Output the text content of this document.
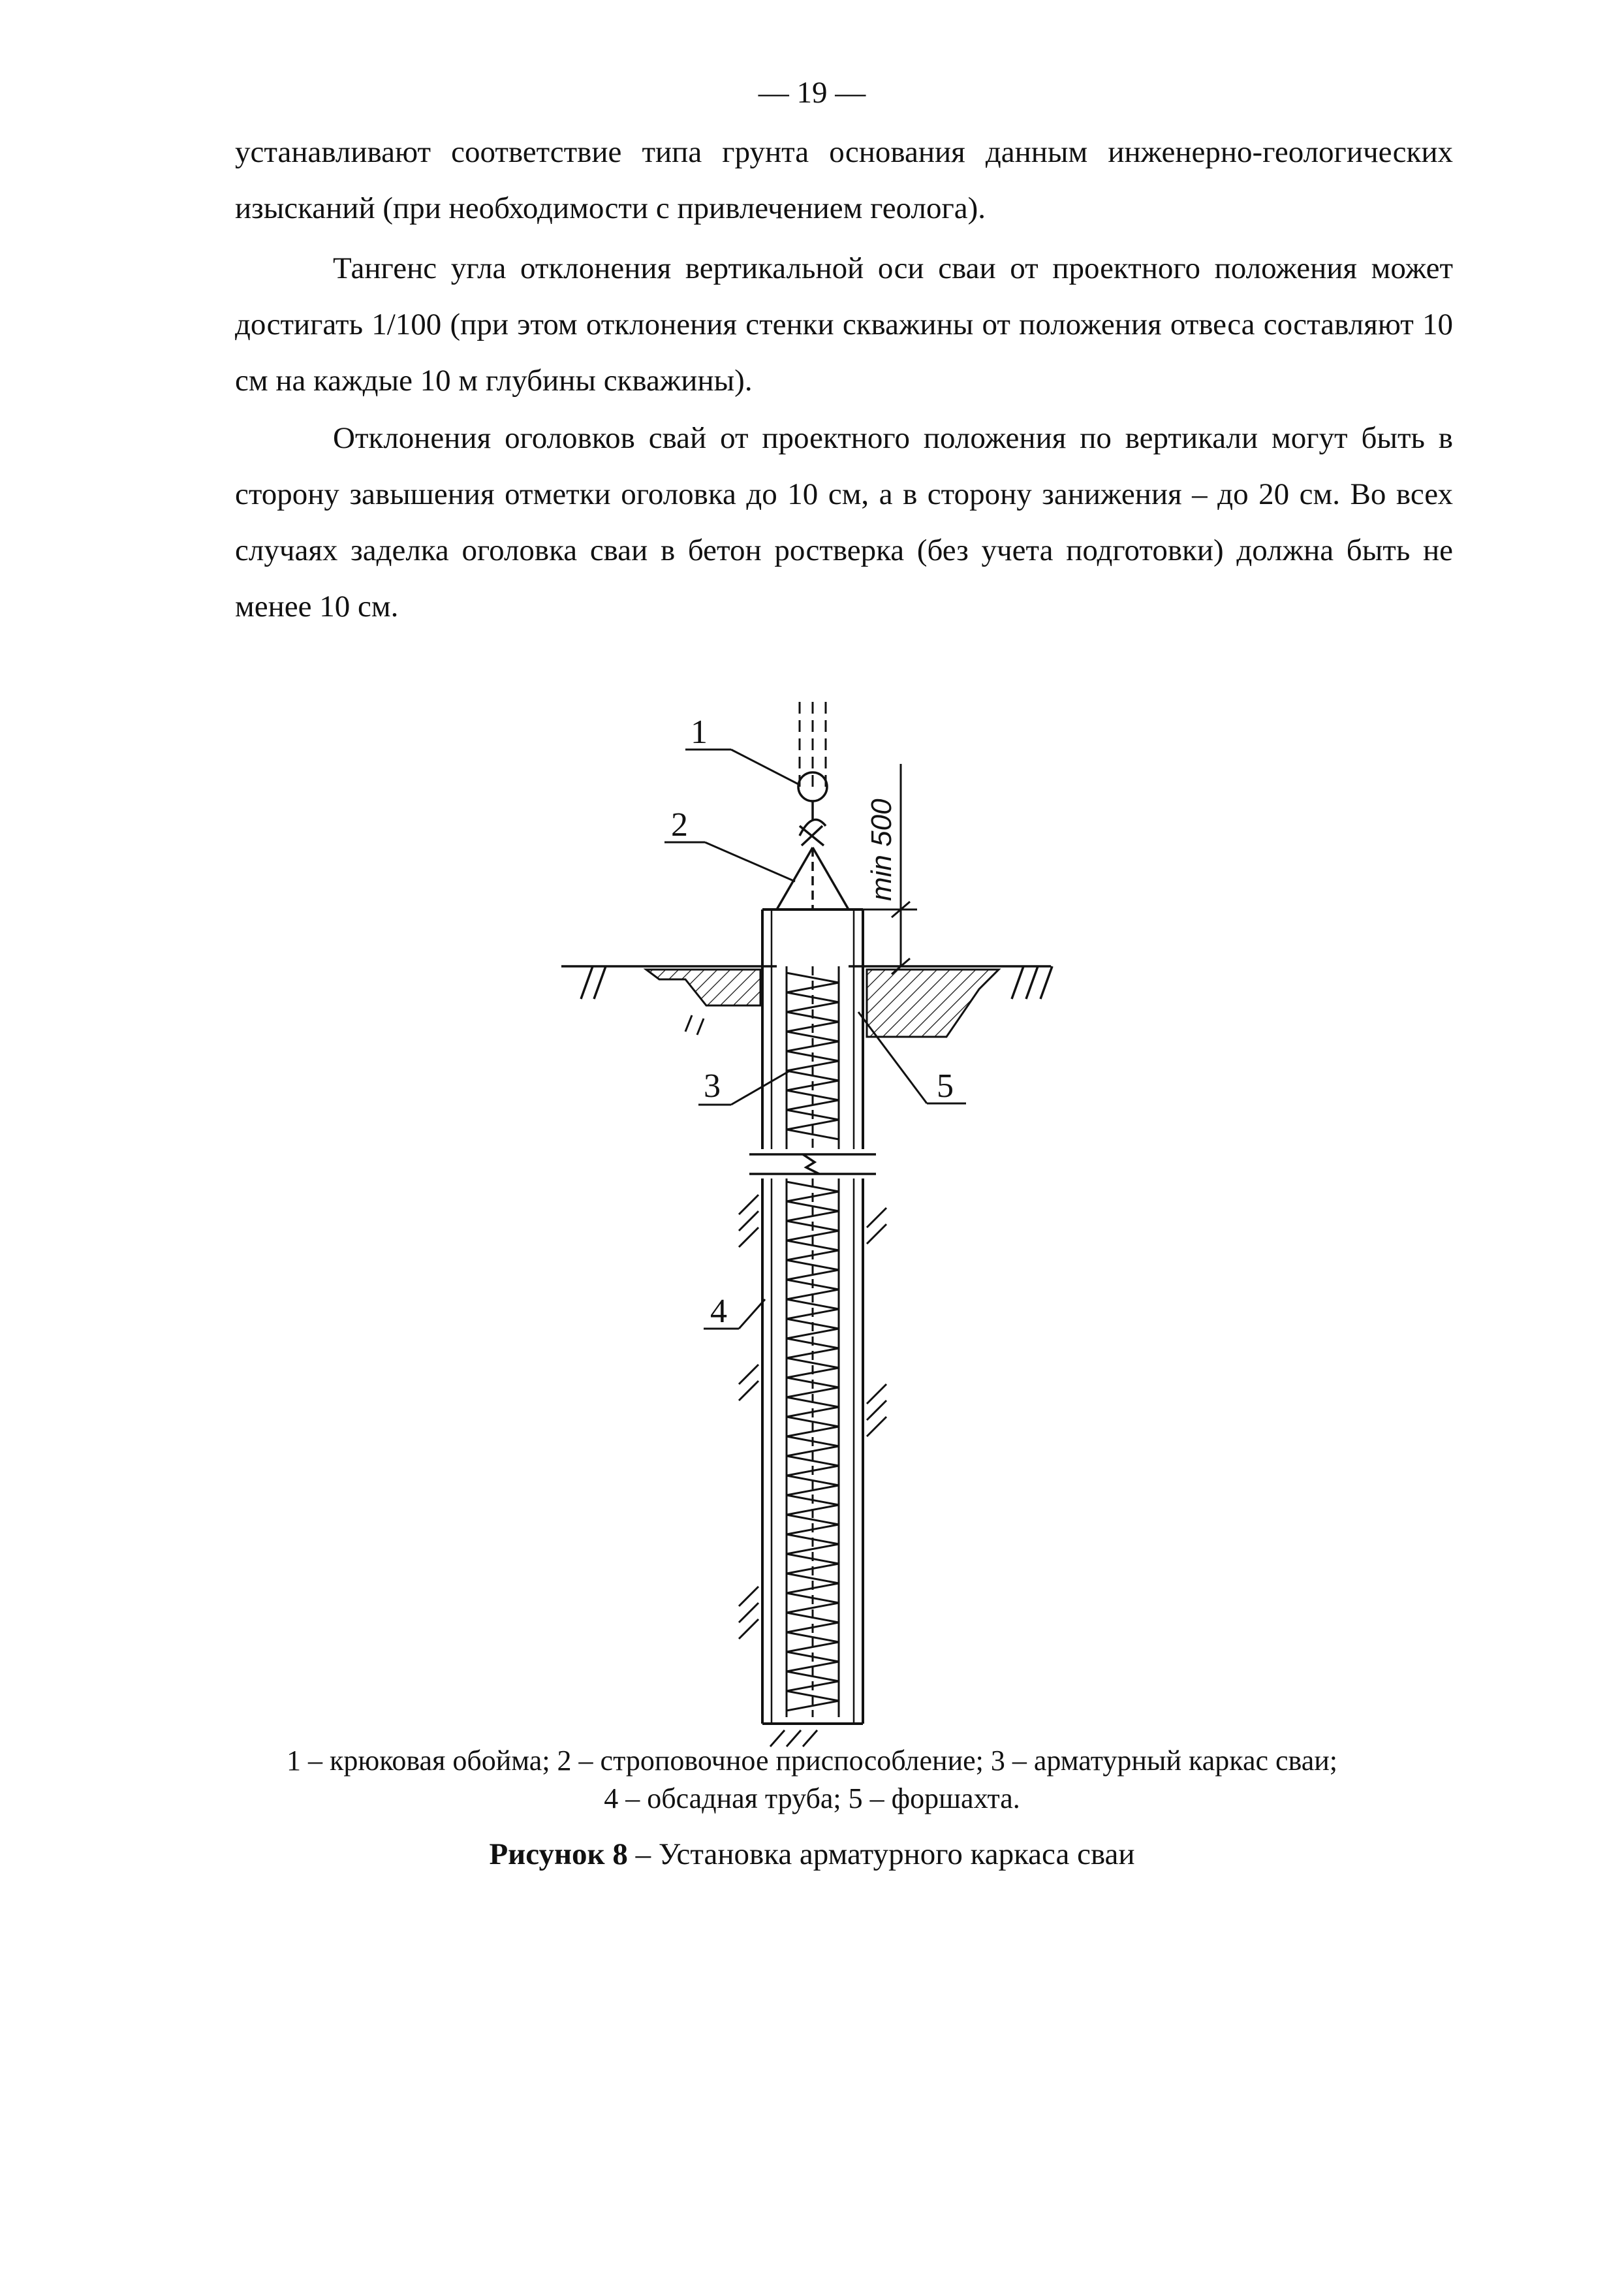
— 19 —

устанавливают соответствие типа грунта основания данным инженерно-геологических изысканий (при необходимости с привлечением геолога).

Тангенс угла отклонения вертикальной оси сваи от проектного положения может достигать 1/100 (при этом отклонения стенки скважины от положения отвеса составляют 10 см на каждые 10 м глубины скважины).

Отклонения оголовков свай от проектного положения по вертикали могут быть в сторону завышения отметки оголовка до 10 см, а в сторону занижения – до 20 см. Во всех случаях заделка оголовка сваи в бетон ростверка (без учета подготовки) должна быть не менее 10 см.

1
2	min 500
5
3
4
1 – крюковая обойма; 2 – строповочное приспособление; 3 – арматурный каркас сваи;
4 – обсадная труба; 5 – форшахта.
Рисунок 8 – Установка арматурного каркаса сваи
